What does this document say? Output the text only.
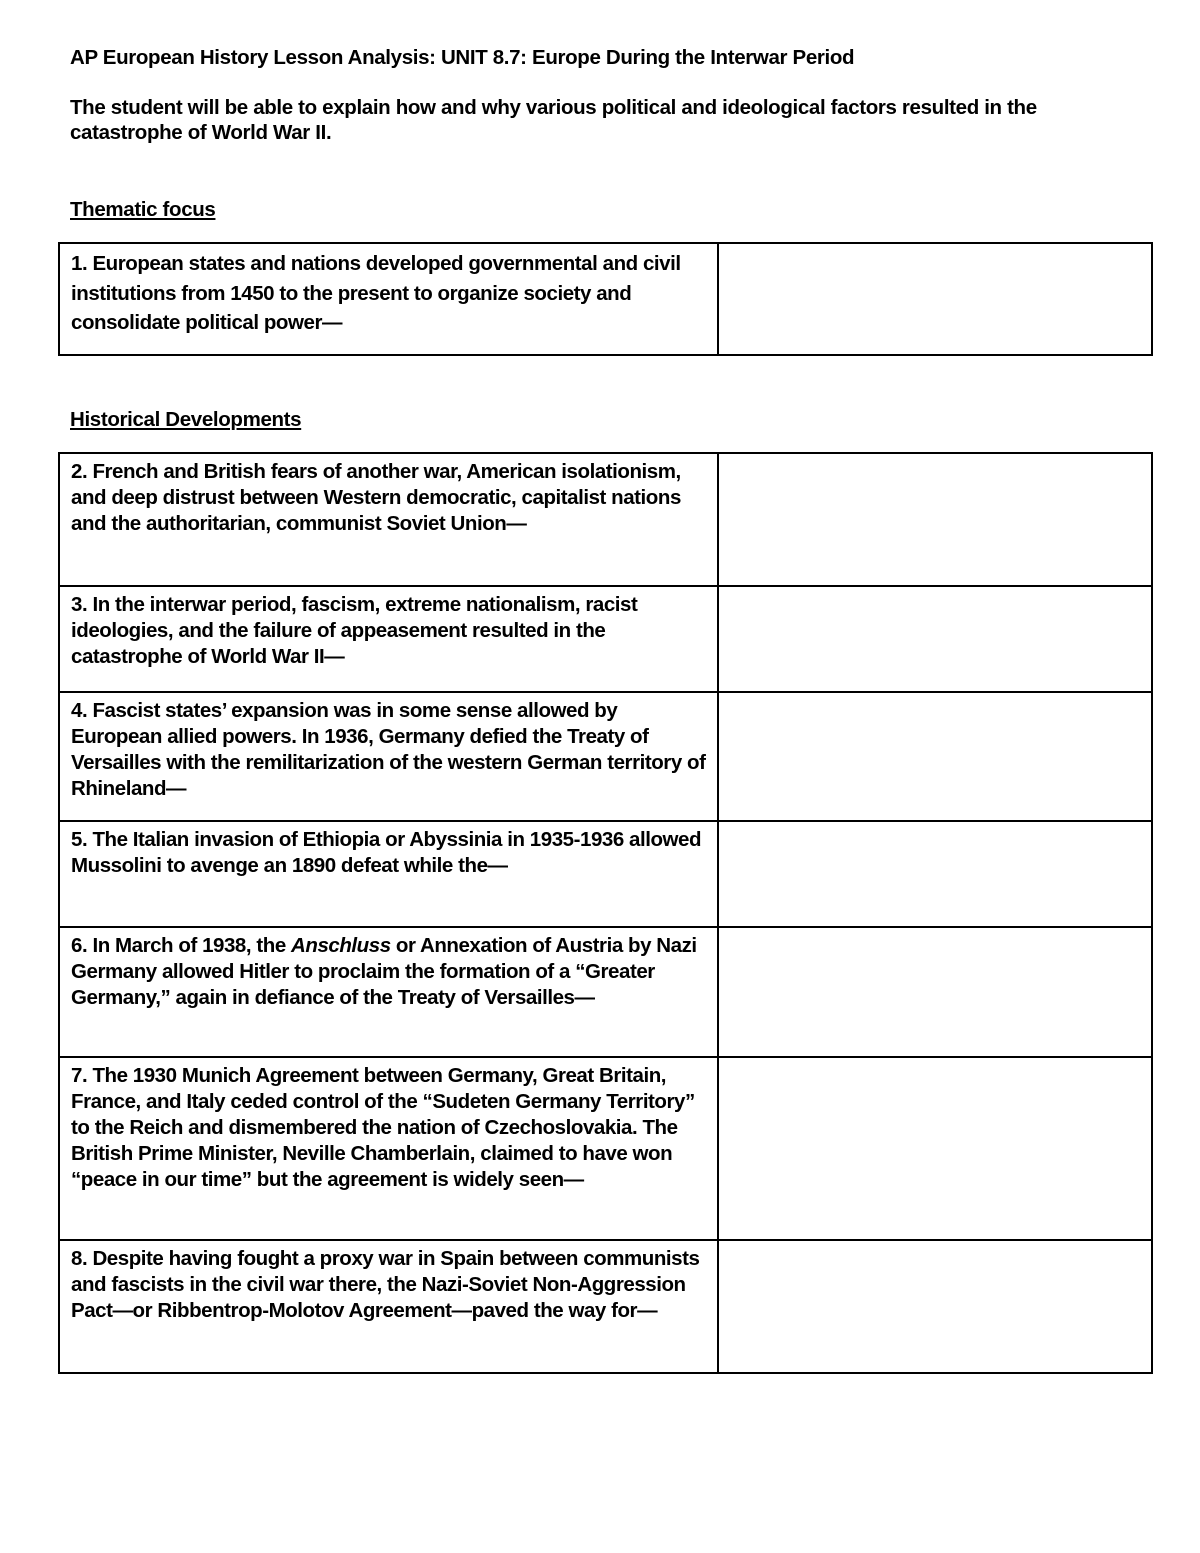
AP European History Lesson Analysis: UNIT 8.7: Europe During the Interwar Period
The student will be able to explain how and why various political and ideological factors resulted in the catastrophe of World War II.
Thematic focus
1. European states and nations developed governmental and civil institutions from 1450 to the present to organize society and consolidate political power—	
Historical Developments
2. French and British fears of another war, American isolationism, and deep distrust between Western democratic, capitalist nations and the authoritarian, communist Soviet Union—	
3. In the interwar period, fascism, extreme nationalism, racist ideologies, and the failure of appeasement resulted in the catastrophe of World War II—	
4. Fascist states’ expansion was in some sense allowed by European allied powers. In 1936, Germany defied the Treaty of Versailles with the remilitarization of the western German territory of Rhineland—	
5. The Italian invasion of Ethiopia or Abyssinia in 1935-1936 allowed Mussolini to avenge an 1890 defeat while the—	
6. In March of 1938, the Anschluss or Annexation of Austria by Nazi Germany allowed Hitler to proclaim the formation of a “Greater Germany,” again in defiance of the Treaty of Versailles—	
7. The 1930 Munich Agreement between Germany, Great Britain, France, and Italy ceded control of the “Sudeten Germany Territory” to the Reich and dismembered the nation of Czechoslovakia. The British Prime Minister, Neville Chamberlain, claimed to have won “peace in our time” but the agreement is widely seen—	
8. Despite having fought a proxy war in Spain between communists and fascists in the civil war there, the Nazi-Soviet Non-Aggression Pact—or Ribbentrop-Molotov Agreement—paved the way for—	
